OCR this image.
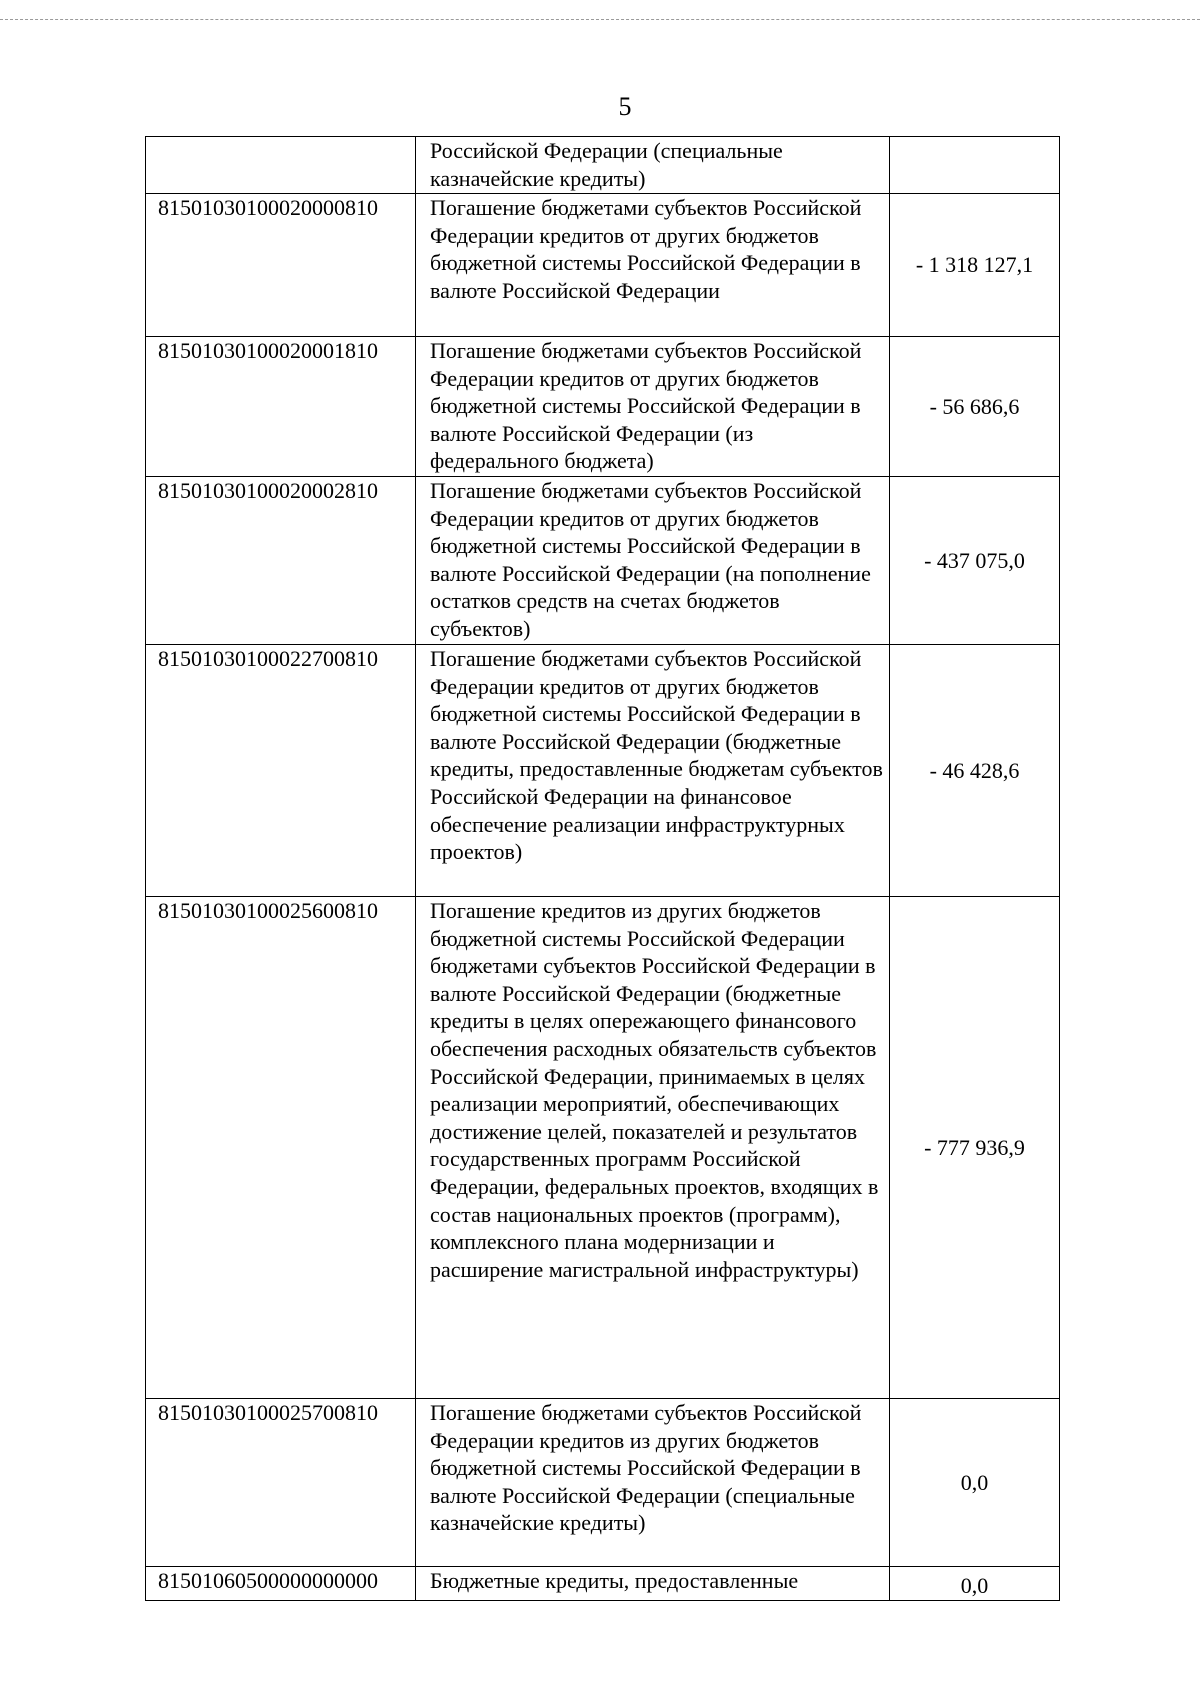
5
	Российской Федерации (специальные казначейские кредиты)	
81501030100020000810	Погашение бюджетами субъектов Российской Федерации кредитов от других бюджетов бюджетной системы Российской Федерации в валюте Российской Федерации	- 1 318 127,1
81501030100020001810	Погашение бюджетами субъектов Российской Федерации кредитов от других бюджетов бюджетной системы Российской Федерации в валюте Российской Федерации (из федерального бюджета)	- 56 686,6
81501030100020002810	Погашение бюджетами субъектов Российской Федерации кредитов от других бюджетов бюджетной системы Российской Федерации в валюте Российской Федерации (на пополнение остатков средств на счетах бюджетов субъектов)	- 437 075,0
81501030100022700810	Погашение бюджетами субъектов Российской Федерации кредитов от других бюджетов бюджетной системы Российской Федерации в валюте Российской Федерации (бюджетные кредиты, предоставленные бюджетам субъектов Российской Федерации на финансовое обеспечение реализации инфраструктурных проектов)	- 46 428,6
81501030100025600810	Погашение кредитов из других бюджетов бюджетной системы Российской Федерации бюджетами субъектов Российской Федерации в валюте Российской Федерации (бюджетные кредиты в целях опережающего финансового обеспечения расходных обязательств субъектов Российской Федерации, принимаемых в целях реализации мероприятий, обеспечивающих достижение целей, показателей и результатов государственных программ Российской Федерации, федеральных проектов, входящих в состав национальных проектов (программ), комплексного плана модернизации и расширение магистральной инфраструктуры)	- 777 936,9
81501030100025700810	Погашение бюджетами субъектов Российской Федерации кредитов из других бюджетов бюджетной системы Российской Федерации в валюте Российской Федерации (специальные казначейские кредиты)	0,0
81501060500000000000	Бюджетные кредиты, предоставленные	0,0
